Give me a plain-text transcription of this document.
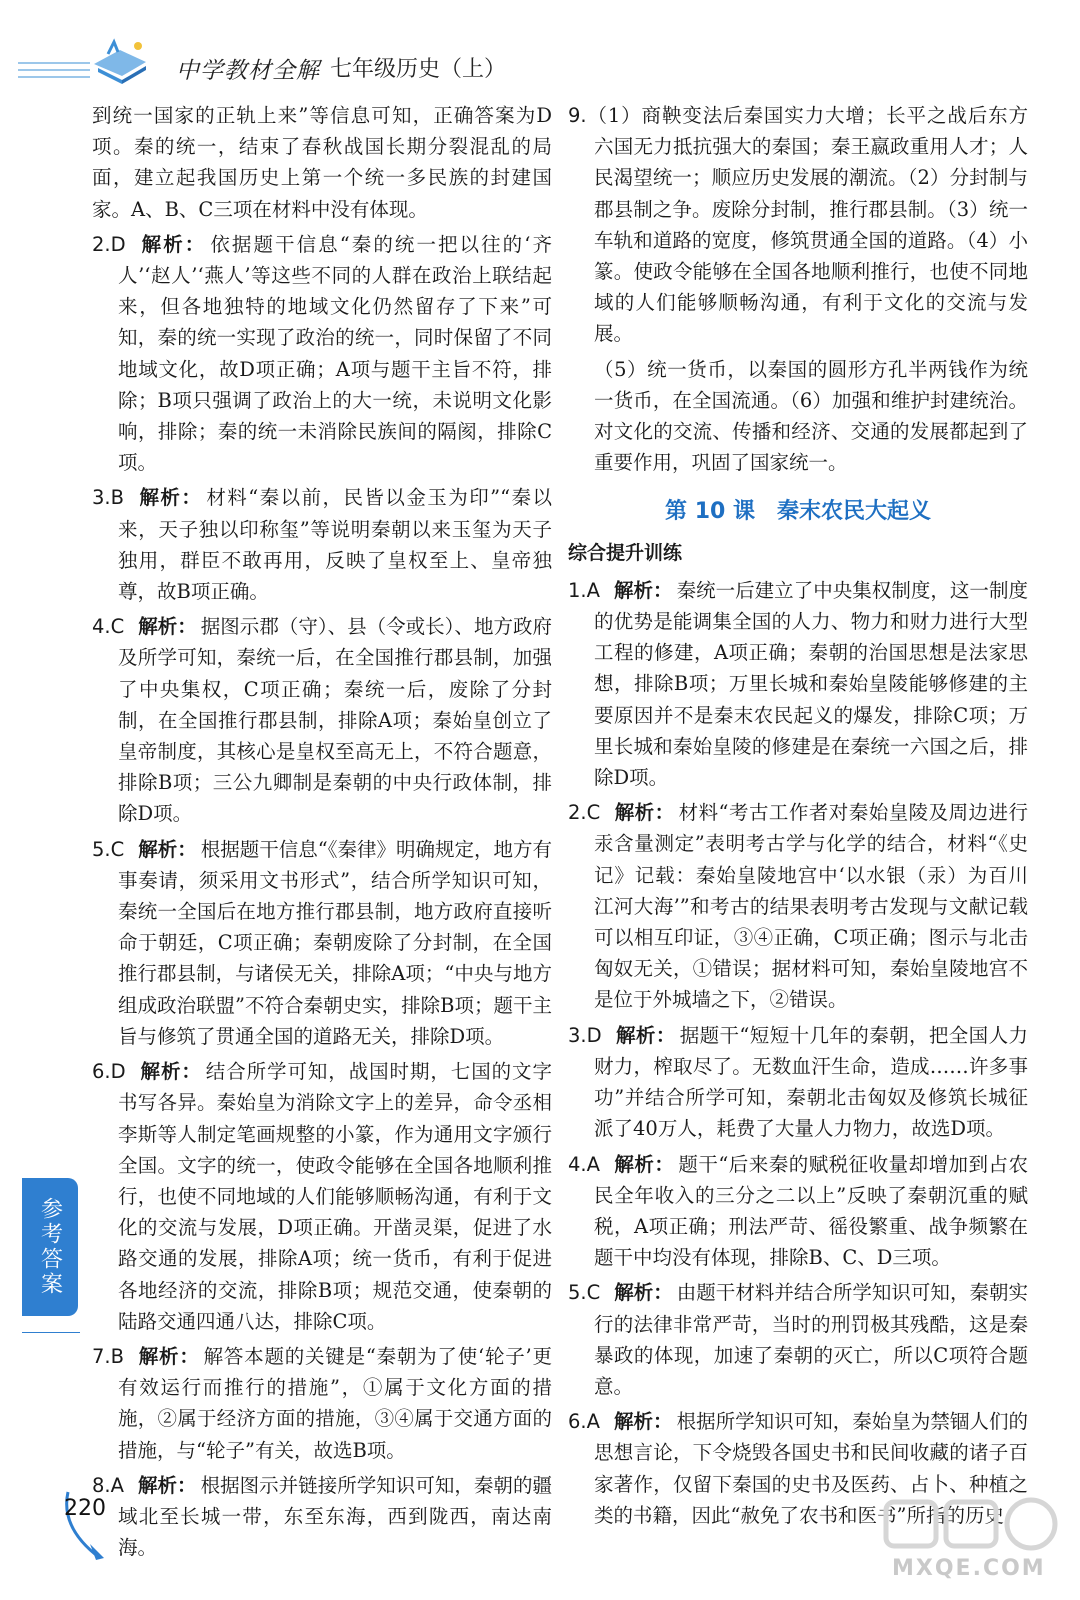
中学教材全解 七年级历史（上）

到统一国家的正轨上来”等信息可知，正确答案为D项。秦的统一，结束了春秋战国长期分裂混乱的局面，建立起我国历史上第一个统一多民族的封建国家。A、B、C三项在材料中没有体现。

2.D 解析： 依据题干信息“秦的统一把以往的‘齐人’‘赵人’‘燕人’等这些不同的人群在政治上联结起来，但各地独特的地域文化仍然留存了下来”可知，秦的统一实现了政治的统一，同时保留了不同地域文化，故D项正确；A项与题干主旨不符，排除；B项只强调了政治上的大一统，未说明文化影响，排除；秦的统一未消除民族间的隔阂，排除C项。

3.B 解析： 材料“秦以前，民皆以金玉为印”“秦以来，天子独以印称玺”等说明秦朝以来玉玺为天子独用，群臣不敢再用，反映了皇权至上、皇帝独尊，故B项正确。

4.C 解析： 据图示郡（守）、县（令或长）、地方政府及所学可知，秦统一后，在全国推行郡县制，加强了中央集权，C项正确；秦统一后，废除了分封制，在全国推行郡县制，排除A项；秦始皇创立了皇帝制度，其核心是皇权至高无上，不符合题意，排除B项；三公九卿制是秦朝的中央行政体制，排除D项。

5.C 解析： 根据题干信息“《秦律》明确规定，地方有事奏请，须采用文书形式”，结合所学知识可知，秦统一全国后在地方推行郡县制，地方政府直接听命于朝廷，C项正确；秦朝废除了分封制，在全国推行郡县制，与诸侯无关，排除A项；“中央与地方组成政治联盟”不符合秦朝史实，排除B项；题干主旨与修筑了贯通全国的道路无关，排除D项。

6.D 解析： 结合所学可知，战国时期，七国的文字书写各异。秦始皇为消除文字上的差异，命令丞相李斯等人制定笔画规整的小篆，作为通用文字颁行全国。文字的统一，使政令能够在全国各地顺利推行，也使不同地域的人们能够顺畅沟通，有利于文化的交流与发展，D项正确。开凿灵渠，促进了水路交通的发展，排除A项；统一货币，有利于促进各地经济的交流，排除B项；规范交通，使秦朝的陆路交通四通八达，排除C项。

7.B 解析： 解答本题的关键是“秦朝为了使‘轮子’更有效运行而推行的措施”，①属于文化方面的措施，②属于经济方面的措施，③④属于交通方面的措施，与“轮子”有关，故选B项。

8.A 解析： 根据图示并链接所学知识可知，秦朝的疆域北至长城一带，东至东海，西到陇西，南达南海。

9.（1）商鞅变法后秦国实力大增；长平之战后东方六国无力抵抗强大的秦国；秦王嬴政重用人才；人民渴望统一；顺应历史发展的潮流。（2）分封制与郡县制之争。废除分封制，推行郡县制。（3）统一车轨和道路的宽度，修筑贯通全国的道路。（4）小篆。使政令能够在全国各地顺利推行，也使不同地域的人们能够顺畅沟通，有利于文化的交流与发展。

（5）统一货币，以秦国的圆形方孔半两钱作为统一货币，在全国流通。（6）加强和维护封建统治。对文化的交流、传播和经济、交通的发展都起到了重要作用，巩固了国家统一。

第 10 课　秦末农民大起义
综合提升训练

1.A 解析： 秦统一后建立了中央集权制度，这一制度的优势是能调集全国的人力、物力和财力进行大型工程的修建，A项正确；秦朝的治国思想是法家思想，排除B项；万里长城和秦始皇陵能够修建的主要原因并不是秦末农民起义的爆发，排除C项；万里长城和秦始皇陵的修建是在秦统一六国之后，排除D项。

2.C 解析： 材料“考古工作者对秦始皇陵及周边进行汞含量测定”表明考古学与化学的结合，材料“《史记》记载：秦始皇陵地宫中‘以水银（汞）为百川江河大海’”和考古的结果表明考古发现与文献记载可以相互印证，③④正确，C项正确；图示与北击匈奴无关，①错误；据材料可知，秦始皇陵地宫不是位于外城墙之下，②错误。

3.D 解析： 据题干“短短十几年的秦朝，把全国人力财力，榨取尽了。无数血汗生命，造成……许多事功”并结合所学可知，秦朝北击匈奴及修筑长城征派了40万人，耗费了大量人力物力，故选D项。

4.A 解析： 题干“后来秦的赋税征收量却增加到占农民全年收入的三分之二以上”反映了秦朝沉重的赋税，A项正确；刑法严苛、徭役繁重、战争频繁在题干中均没有体现，排除B、C、D三项。

5.C 解析： 由题干材料并结合所学知识可知，秦朝实行的法律非常严苛，当时的刑罚极其残酷，这是秦暴政的体现，加速了秦朝的灭亡，所以C项符合题意。

6.A 解析： 根据所学知识可知，秦始皇为禁锢人们的思想言论，下令烧毁各国史书和民间收藏的诸子百家著作，仅留下秦国的史书及医药、占卜、种植之类的书籍，因此“赦免了农书和医书”所指的历史

参考答案
220
MXQE.COM
